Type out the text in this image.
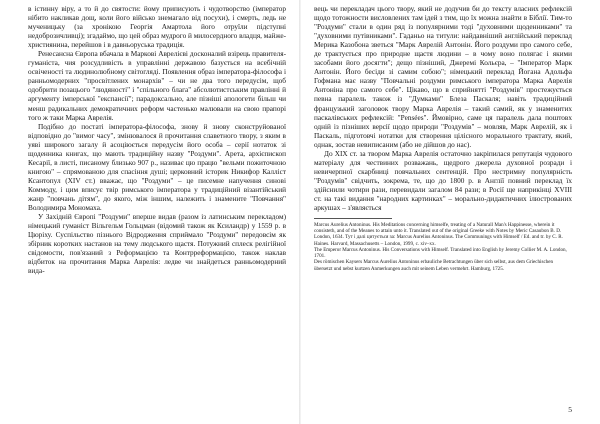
в істинну віру, а то й до святости: йому приписують і чудотворство (імператор нібито накликав дощ, коли його військо знемагало від посухи), і смерть, ледь не мученицьку (за хронікою Георгія Амартола його отруїли підступні недоброзичливці); згадаймо, що цей образ мудрого й милосердного владця, майже-християнина, перейшов і в давньоруська традиція.

Ренесансна Європа вбачала в Маркові Аврелієві досконалий взірець правителя-гуманіста, чия розсудливість в управлінні державою базується на всебічній освіченості та людинолюбному світогляді. Появлення образ імператора-філософа і ранньомодерних "просвітлених монархів" – чи не два того передусім, щоб одобрити позацього "людяності" і "спільного блага" абсолютистським правлінні й аргументу імперської "експансії"; парадоксально, але пізніші апологети більш чи менш радикальних демократичних реформ частенько малювали на свою прапорі того ж таки Марка Аврелія.

Подібно до постаті імператора-філософа, знову й знову сконструйованої відповідно до "вимог часу", змінювалося й прочитання славетного твору, з яким в уяві широкого загалу й асоціюється передусім його особа – серії нотаток зі щоденника книгах, що мають традиційну назву "Роздуми". Арета, архієпископ Кесарії, в листі, писаному близько 907 р., називає цю працю "вельми пожиточною книгою" – спрямованою для спасіння душі; церковний історик Никифор Калліст Ксантопул (XIV ст.) вважає, що "Роздуми" – це писемне напучення синові Коммоду, і цим вписує твір римського імператора у традиційний візантійський жанр "повчань дітям", до якого, між іншим, належить і знамените "Повчання" Володимира Мономаха.

У Західній Європі "Роздуми" вперше видав (разом із латинським перекладом) німецький гуманіст Вільгельм Гольцман (відомий також як Ксиландр) у 1559 р. в Цюріху. Суспільство пізнього Відродження сприймало "Роздуми" передовсім як збірник коротких настанов на тему людського щастя. Потужний сплеск релігійної свідомости, пов'язаний з Реформацією та Контрреформацією, також наклав відбиток на прочитання Марка Аврелія: ледве чи знайдеться ранньомодерний вида-

вець чи перекладач цього твору, який не додучив би до тексту власних рефлексій щодо тотожности висловлених там ідей з тим, що їх можна знайти в Біблії. Тим-то "Роздуми" стали в один ряд із популярними тоді "духовними щоденниками" та "духовними путівниками". Гаданьо на титули: найдавніший англійський переклад Мерика Казобона зветься "Марк Аврелій Антонін. Його роздуми про самого себе, де трактується про природне щастя людини – в чому воно полягає і якими засобами його досягти"; дещо пізніший, Джеремі Кольєра, – "Імператор Марк Антонін. Його бесіди зі самим собою"; німецький переклад Йогана Адольфа Гофмана має назву "Повчальні роздуми римського імператора Марка Аврелія Антоніна про самого себе". Цікаво, що в сприйнятті "Роздумів" простежується певна паралель також із "Думками" Блеза Паскаля; навіть традиційний французький заголовок твору Марка Аврелія – такий самий, як у знаменитих паскалівських рефлексій: "Pensées". Ймовірно, саме ця паралель дала поштовх одній із пізніших версії щодо природи "Роздумів" – мовляв, Марк Аврелій, як і Паскаль, підготовчі нотатки для створення цілісного морального трактату, який, однак, зостав невиписаним (або не дійшов до нас).

До XIX ст. за твором Марка Аврелія остаточно закріпилася репутація чудового матеріалу для чествиних розважань, щедрого джерела духовної розради і невичерпної скарбниці повчальних сентенцій. Про нестримну популярність "Роздумів" свідчить, зокрема, те, що до 1800 р. в Англії повний переклад їх здійснили чотири рази, перевидали загалом 84 рази; в Росії ще наприкінці XVIII ст. на такі видання "народних картинках" – морально-дидактичних ілюстрованих аркушах – з'являється

Marcus Aurelius Antoninus. His Meditations concerning himselfe, treating of a Naturall Man's Happinesse, wherein it consisteth, and of the Meanes to attain unto it. Translated out of the original Greeke with Notes by Meric Casaubon B. D. London, 1634. Тут і далі цитується за: Marcus Aurelius Antoninus. The Communings with Himself / Ed. and tr. by C. R. Haines. Harvard, Massachusetts – London, 1999, с. xiv–xx.

The Emperor Marcus Antoninus. His Conversations with Himself. Translated into English by Jeremy Collier M. A. London, 1701.

Des römischen Kaysers Marcus Aurelius Antoninus erbauliche Betrachtungen über sich selbst, aus dem Griechischen übersetzt und nebst kurtzen Anmerkungen auch mit seinem Leben vermehrt. Hamburg, 1725.

5
